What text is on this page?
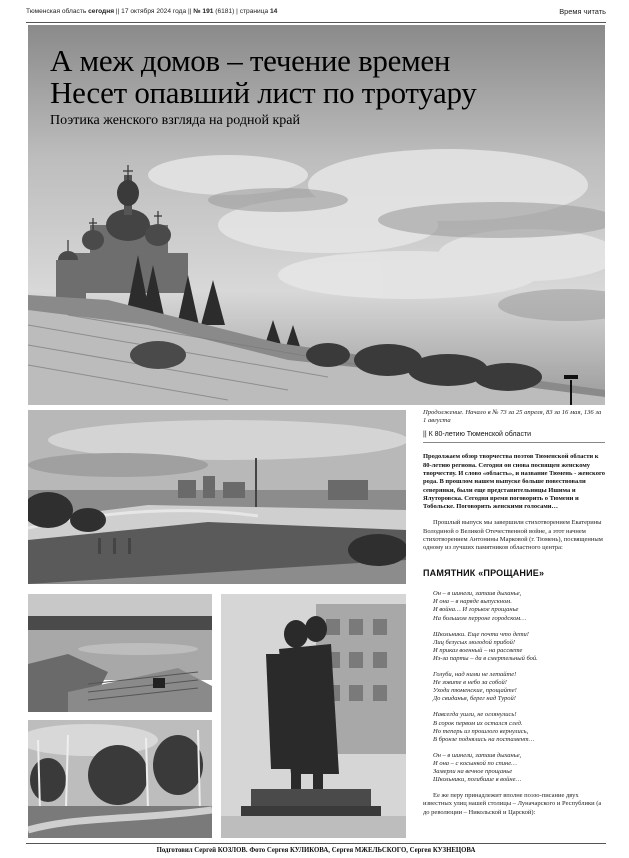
Тюменская область сегодня || 17 октября 2024 года || № 191 (6181) | страница 14	Время читать
А меж домов – течение времен
Несет опавший лист по тротуару
Поэтика женского взгляда на родной край
Продолжение. Начало в № 73 за 25 апреля, 83 за 16 мая, 136 за 1 августа
|| К 80-летию Тюменской области
Продолжаем обзор творчества поэтов Тюменской области к 80-летию региона. Сегодня он снова посвящен женскому творчеству. И слово «область», и название Тюмень - женского рода. В прошлом нашем выпуске больше повествовали северянки, были еще представительницы Ишима и Ялуторовска. Сегодня время поговорить о Тюмени и Тобольске. Поговорить женскими голосами…
Прошлый выпуск мы завершили стихотворением Екатерины Володиной о Великой Отечественной войне, а этот начнем стихотворением Антонины Марковой (г. Тюмень), посвященным одному из лучших памятников областного центра:
ПАМЯТНИК «ПРОЩАНИЕ»
Он – в шинели, затаив дыханье,
И она – в наряде выпускном.
И война… И горькое прощанье
На большом перроне городском…
Школьники. Еще почти что дети!
Лиц безусых молодой прибой!
И приказ военный – на рассвете
Из-за парты – да в смертельный бой.
Голуби, над ними не летайте!
Не зовите в небо за собой!
Уходи тюменские, прощайте!
До свиданья, берег над Турой!
Навсегда ушли, не оглянулись!
В сорок первом их остался след.
Но теперь из прошлого вернулись,
В бронзе поднялись на постамент…
Он – в шинели, затаив дыханье,
И она – с косынкой по спине…
Замерли на вечное прощанье
Школьники, погибшие в войне…
Ее же перу принадлежит вполне поэзо-писание двух известных улиц нашей столицы – Луначарского и Республики (а до революции – Никольской и Царской):
Подготовил Сергей КОЗЛОВ. Фото Сергея КУЛИКОВА, Сергея МЖЕЛЬСКОГО, Сергея КУЗНЕЦОВА
